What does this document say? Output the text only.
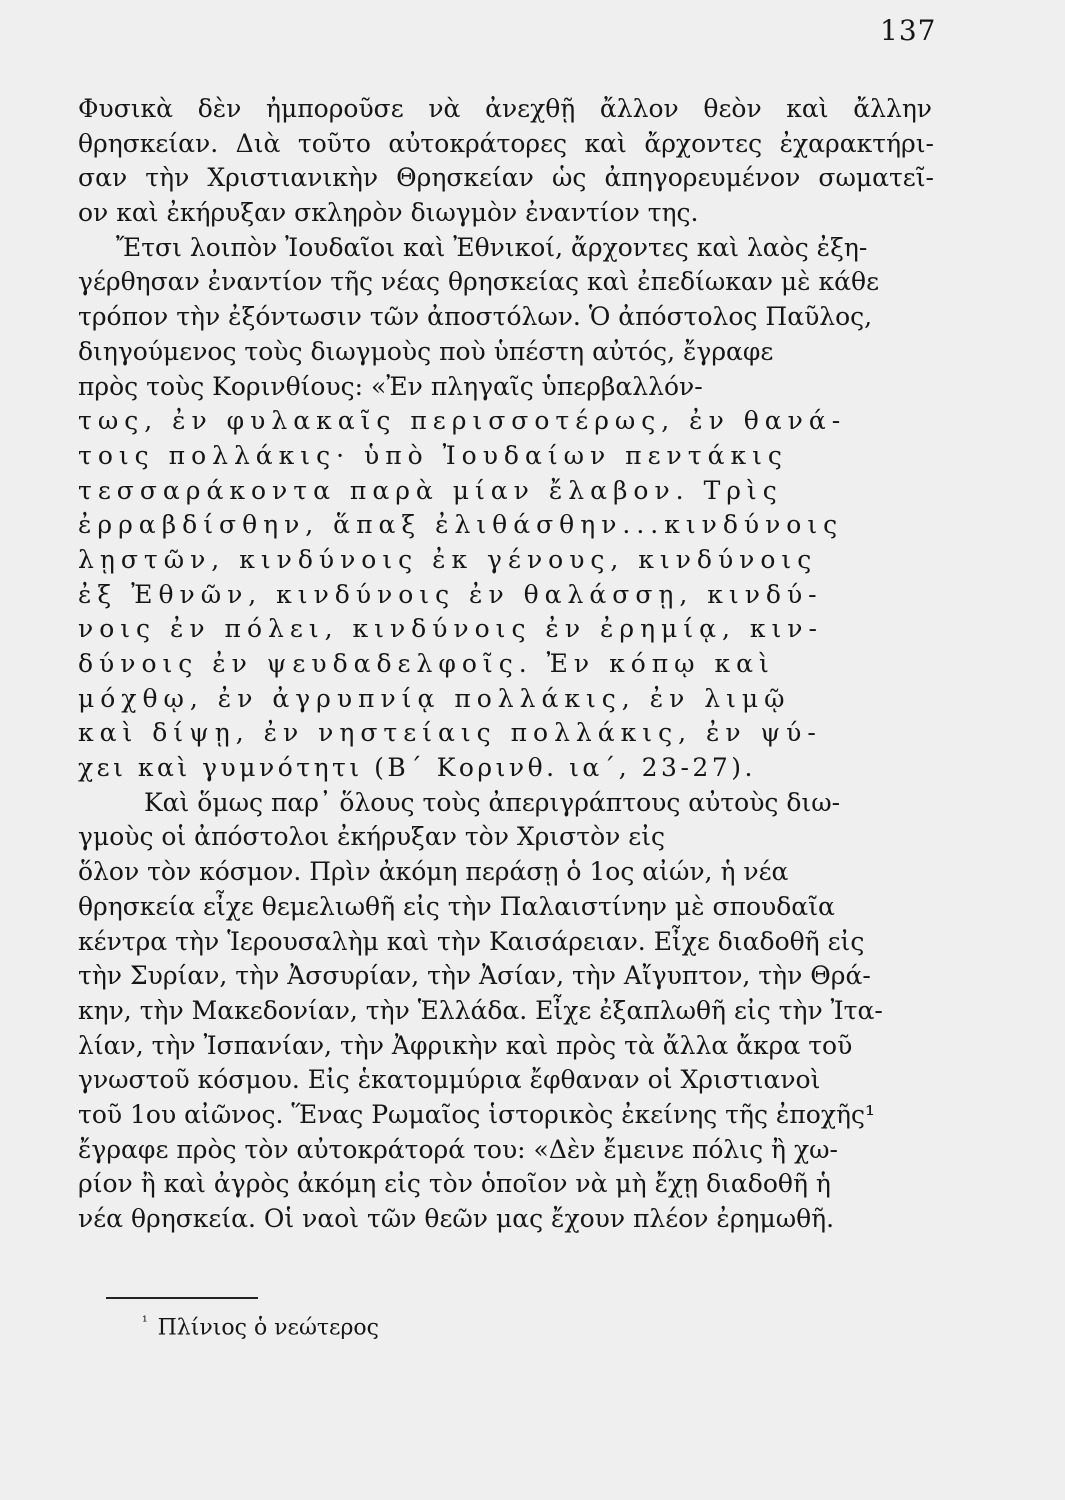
137
Φυσικὰ δὲν ἠμποροῦσε νὰ ἀνεχθῇ ἄλλον θεὸν καὶ ἄλλην
θρησκείαν. Διὰ τοῦτο αὐτοκράτορες καὶ ἄρχοντες ἐχαρακτήρι-
σαν τὴν Χριστιανικὴν Θρησκείαν ὡς ἀπηγορευμένον σωματεῖ-
ον καὶ ἐκήρυξαν σκληρὸν διωγμὸν ἐναντίον της.
Ἔτσι λοιπὸν Ἰουδαῖοι καὶ Ἐθνικοί, ἄρχοντες καὶ λαὸς ἐξη-
γέρθησαν ἐναντίον τῆς νέας θρησκείας καὶ ἐπεδίωκαν μὲ κάθε
τρόπον τὴν ἐξόντωσιν τῶν ἀποστόλων. Ὁ ἀπόστολος Παῦλος,
διηγούμενος τοὺς διωγμοὺς ποὺ ὑπέστη αὐτός, ἔγραφε
πρὸς τοὺς Κορινθίους: «Ἐν πληγαῖς ὑπερβαλλόν-
τως, ἐν φυλακαῖς περισσοτέρως, ἐν θανά-
τοις πολλάκις· ὑπὸ Ἰουδαίων πεντάκις
τεσσαράκοντα παρὰ μίαν ἔλαβον. Τρὶς
ἐρραβδίσθην, ἅπαξ ἐλιθάσθην...κινδύνοις
λῃστῶν, κινδύνοις ἐκ γένους, κινδύνοις
ἐξ Ἐθνῶν, κινδύνοις ἐν θαλάσσῃ, κινδύ-
νοις ἐν πόλει, κινδύνοις ἐν ἐρημίᾳ, κιν-
δύνοις ἐν ψευδαδελφοῖς. Ἐν κόπῳ καὶ
μόχθῳ, ἐν ἀγρυπνίᾳ πολλάκις, ἐν λιμῷ
καὶ δίψῃ, ἐν νηστείαις πολλάκις, ἐν ψύ-
χει καὶ γυμνότητι (Β΄ Κορινθ. ια΄, 23-27).
Καὶ ὅμως παρ᾽ ὅλους τοὺς ἀπεριγράπτους αὐτοὺς διω-
γμοὺς οἱ ἀπόστολοι ἐκήρυξαν τὸν Χριστὸν εἰς
ὅλον τὸν κόσμον. Πρὶν ἀκόμη περάσῃ ὁ 1ος αἰών, ἡ νέα
θρησκεία εἶχε θεμελιωθῆ εἰς τὴν Παλαιστίνην μὲ σπουδαῖα
κέντρα τὴν Ἱερουσαλὴμ καὶ τὴν Καισάρειαν. Εἶχε διαδοθῆ εἰς
τὴν Συρίαν, τὴν Ἀσσυρίαν, τὴν Ἀσίαν, τὴν Αἴγυπτον, τὴν Θρά-
κην, τὴν Μακεδονίαν, τὴν Ἑλλάδα. Εἶχε ἐξαπλωθῆ εἰς τὴν Ἰτα-
λίαν, τὴν Ἰσπανίαν, τὴν Ἀφρικὴν καὶ πρὸς τὰ ἄλλα ἄκρα τοῦ
γνωστοῦ κόσμου. Εἰς ἑκατομμύρια ἔφθαναν οἱ Χριστιανοὶ
τοῦ 1ου αἰῶνος. Ἕνας Ρωμαῖος ἱστορικὸς ἐκείνης τῆς ἐποχῆς¹
ἔγραφε πρὸς τὸν αὐτοκράτορά του: «Δὲν ἔμεινε πόλις ἢ χω-
ρίον ἢ καὶ ἀγρὸς ἀκόμη εἰς τὸν ὁποῖον νὰ μὴ ἔχῃ διαδοθῆ ἡ
νέα θρησκεία. Οἱ ναοὶ τῶν θεῶν μας ἔχουν πλέον ἐρημωθῆ.
$^{^1}$ Πλίνιος ὁ νεώτερος
